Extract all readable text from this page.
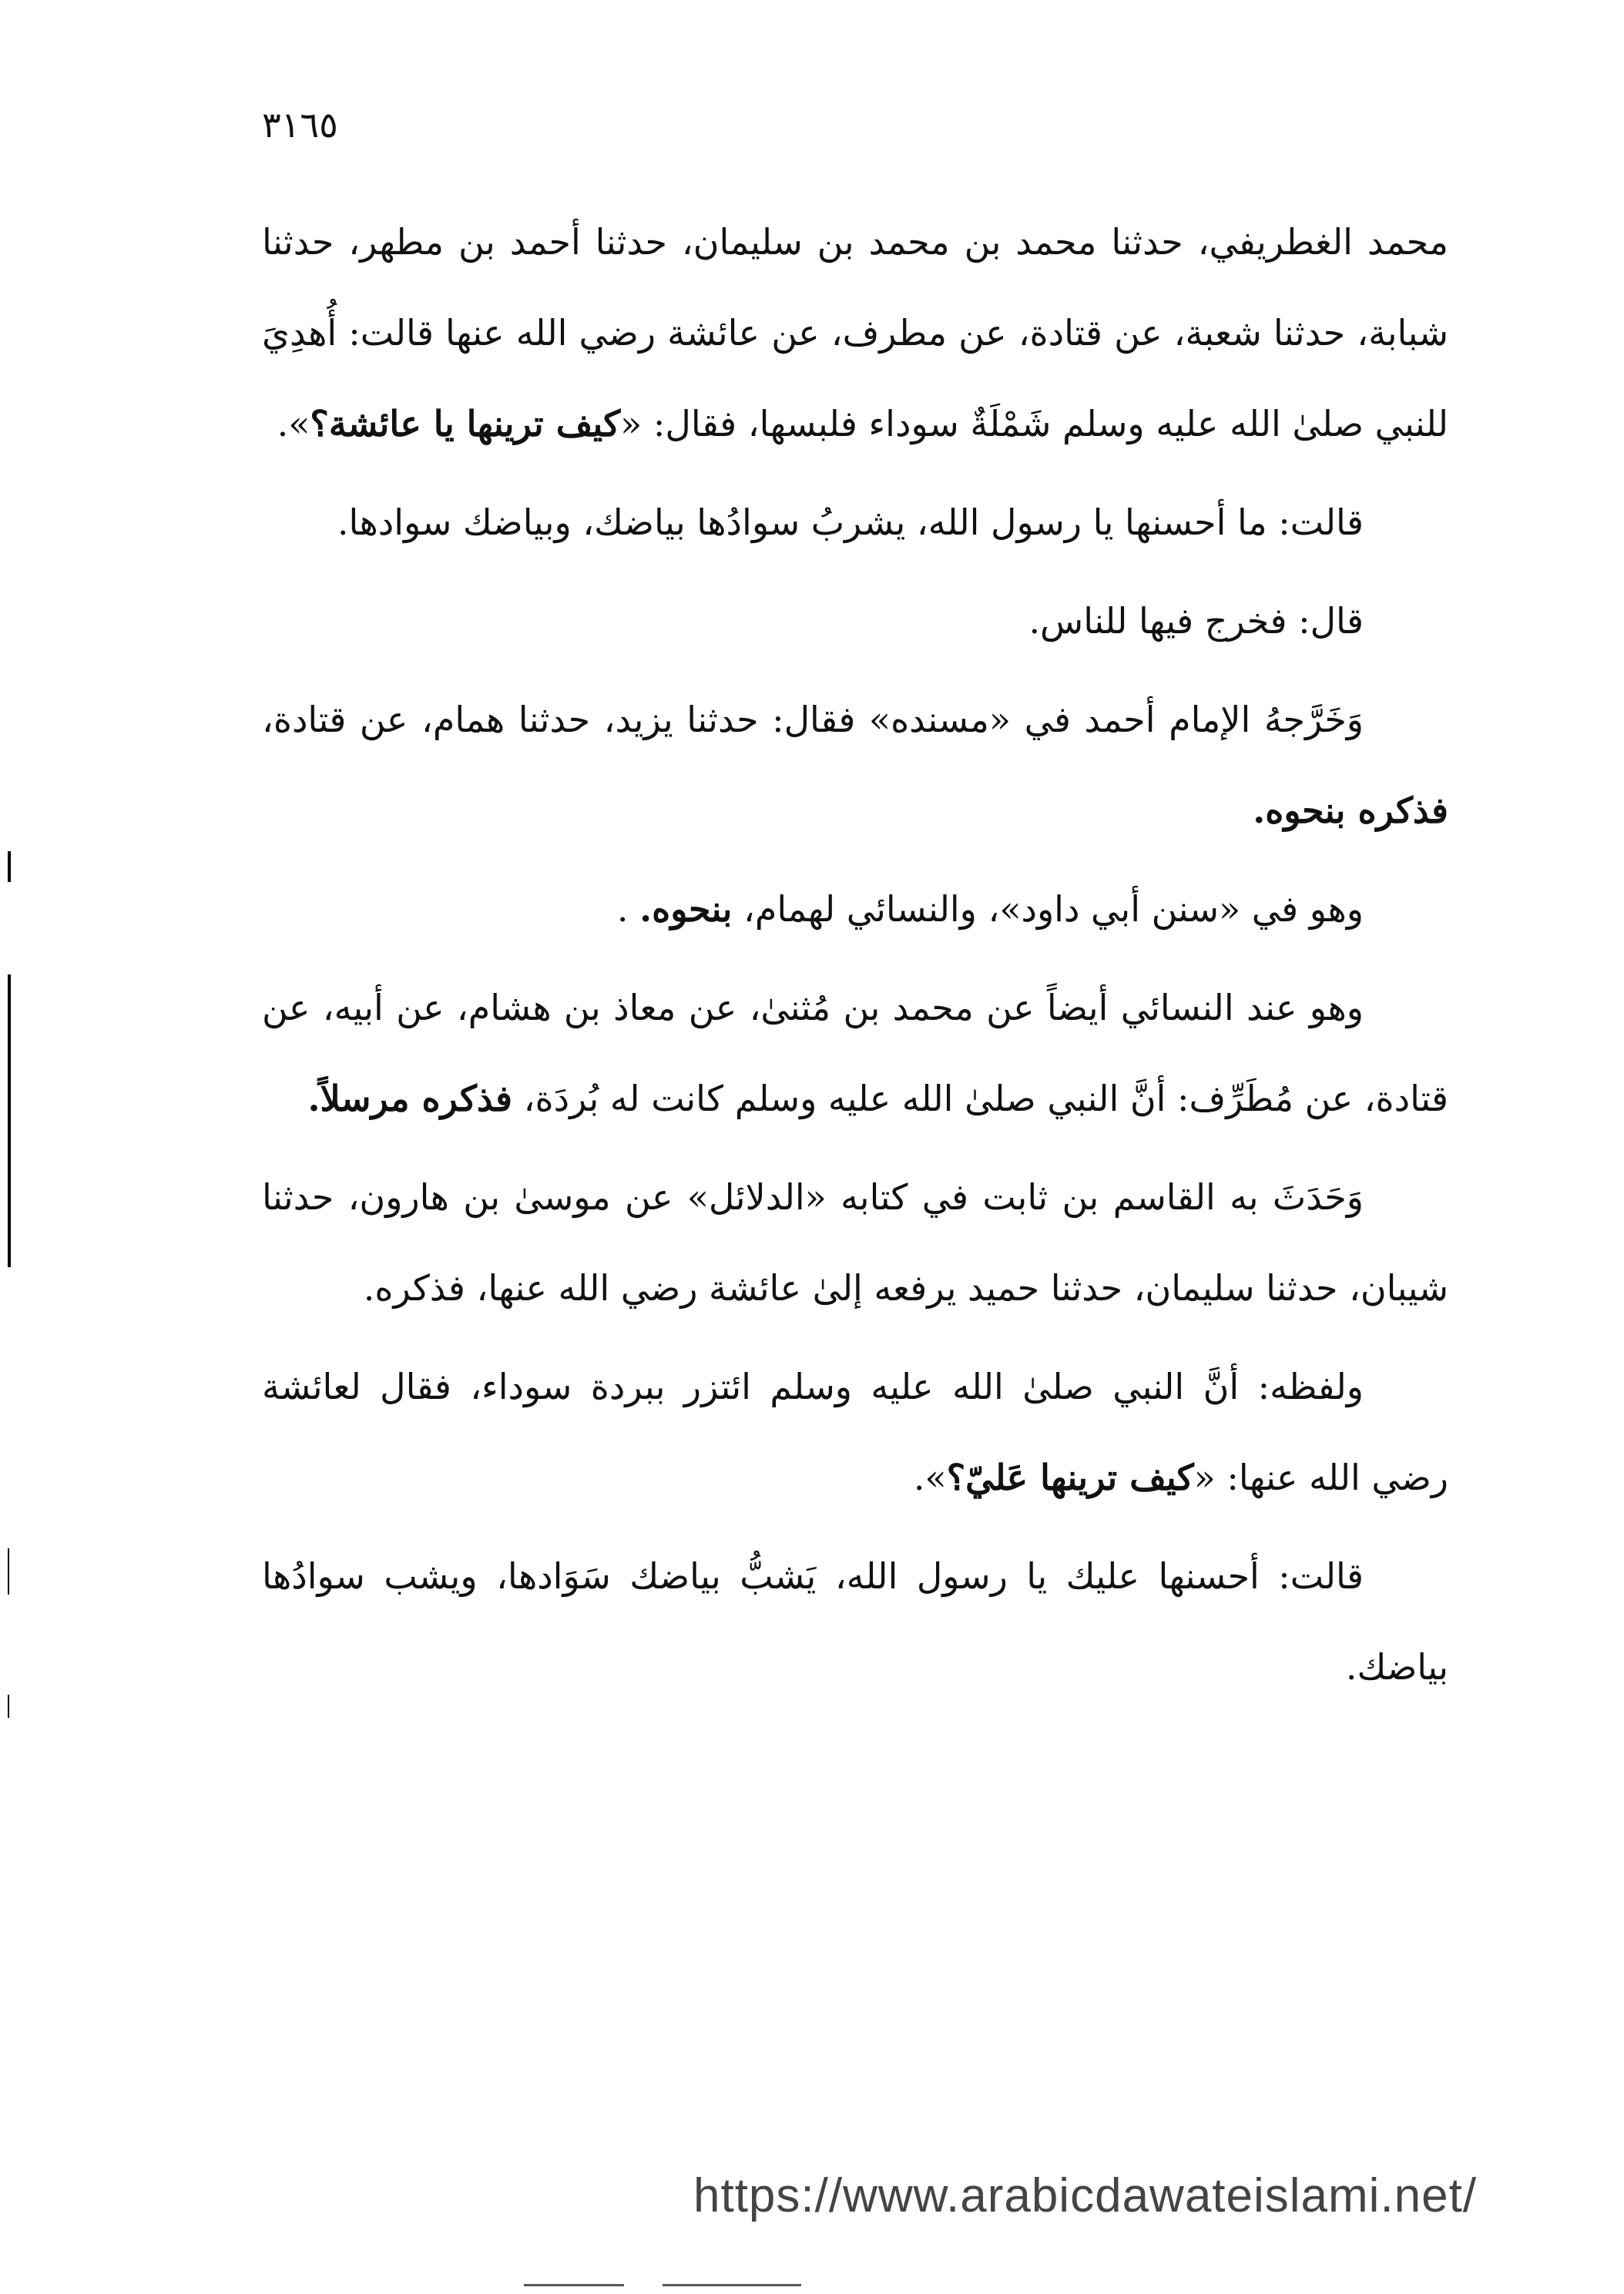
٣١٦٥

محمد الغطريفي، حدثنا محمد بن محمد بن سليمان، حدثنا أحمد بن مطهر، حدثنا شبابة، حدثنا شعبة، عن قتادة، عن مطرف، عن عائشة رضي الله عنها قالت: أُهدِيَ للنبي صلىٰ الله عليه وسلم شَمْلَةٌ سوداء فلبسها، فقال: «كيف ترينها يا عائشة؟».

قالت: ما أحسنها يا رسول الله، يشربُ سوادُها بياضك، وبياضك سوادها.

قال: فخرج فيها للناس.

وَخَرَّجهُ الإمام أحمد في «مسنده» فقال: حدثنا يزيد، حدثنا همام، عن قتادة، فذكره بنحوه.

وهو في «سنن أبي داود»، والنسائي لهمام، بنحوه. .

وهو عند النسائي أيضاً عن محمد بن مُثنىٰ، عن معاذ بن هشام، عن أبيه، عن قتادة، عن مُطَرِّف: أنَّ النبي صلىٰ الله عليه وسلم كانت له بُردَة، فذكره مرسلاً.

وَحَدَثَ به القاسم بن ثابت في كتابه «الدلائل» عن موسىٰ بن هارون، حدثنا شيبان، حدثنا سليمان، حدثنا حميد يرفعه إلىٰ عائشة رضي الله عنها، فذكره.

ولفظه: أنَّ النبي صلىٰ الله عليه وسلم ائتزر ببردة سوداء، فقال لعائشة رضي الله عنها: «كيف ترينها عَليّ؟».

قالت: أحسنها عليك يا رسول الله، يَشبُّ بياضك سَوَادها، ويشب سوادُها بياضك.

https://www.arabicdawateislami.net/
